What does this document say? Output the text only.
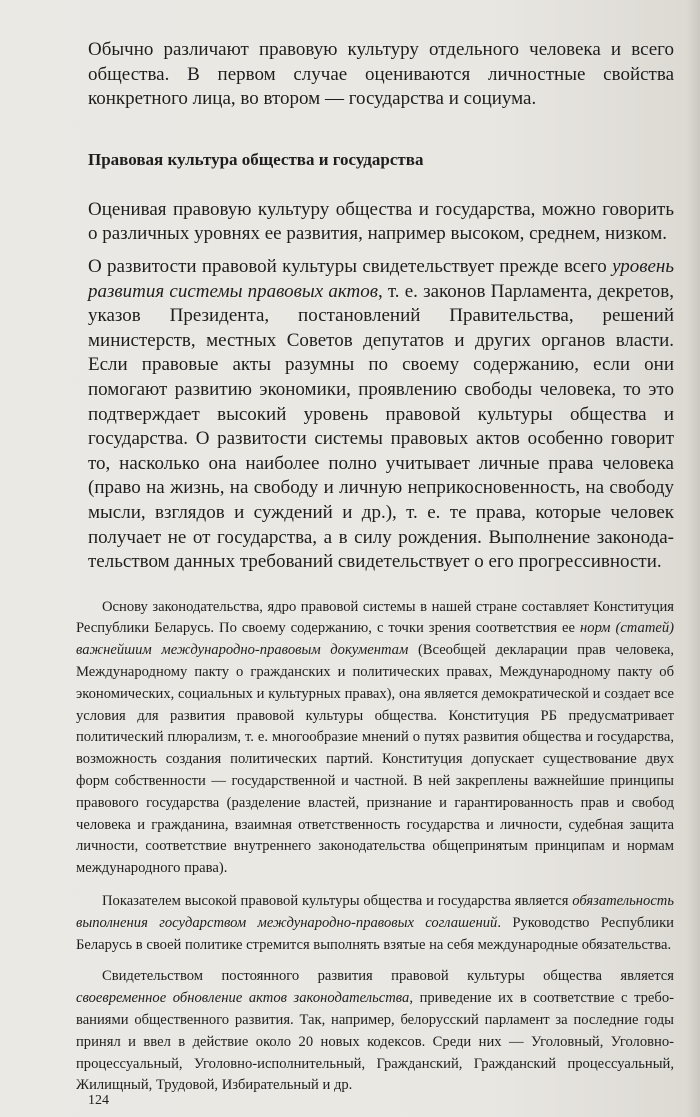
Обычно различают правовую культуру отдельного человека и всего общества. В первом случае оцениваются личностные свойства конкретного лица, во втором — государства и социума.

Правовая культура общества и государства

Оценивая правовую культуру общества и государства, можно говорить о различных уровнях ее развития, например высоком, среднем, низком.

О развитости правовой культуры свидетельствует прежде всего уровень развития системы правовых актов, т. е. законов Парламента, декретов, указов Президента, постановлений Правительства, решений министерств, местных Советов депутатов и других органов власти. Если правовые акты разумны по своему содержанию, если они помогают развитию экономики, проявлению свободы человека, то это подтверждает высокий уровень правовой культуры общества и государства. О развитости системы правовых актов особенно говорит то, насколько она наиболее полно учитывает личные права человека (право на жизнь, на свободу и личную неприкосновенность, на свободу мысли, взглядов и суждений и др.), т. е. те права, которые человек получает не от государства, а в силу рождения. Выполнение законодательством данных требований свидетельствует о его прогрессивности.

Основу законодательства, ядро правовой системы в нашей стране составляет Конституция Республики Беларусь. По своему содержанию, с точки зрения соответствия ее норм (статей) важнейшим международно-правовым документам (Всеобщей декларации прав человека, Международному пакту о гражданских и политических правах, Международному пакту об экономических, социальных и культурных правах), она является демократической и создает все условия для развития правовой культуры общества. Конституция РБ предусматривает политический плюрализм, т. е. многообразие мнений о путях развития общества и государства, возможность создания политических партий. Конституция допускает существование двух форм собственности — государственной и частной. В ней закреплены важнейшие принципы правового государства (разделение властей, признание и гарантированность прав и свобод человека и гражданина, взаимная ответственность государства и личности, судебная защита личности, соответствие внутреннего законодательства общепринятым принципам и нормам международного права).

Показателем высокой правовой культуры общества и государства является обязательность выполнения государством международно-правовых соглашений. Руководство Республики Беларусь в своей политике стремится выполнять взятые на себя международные обязательства.

Свидетельством постоянного развития правовой культуры общества является своевременное обновление актов законодательства, приведение их в соответствие с требованиями общественного развития. Так, например, белорусский парламент за последние годы принял и ввел в действие около 20 новых кодексов. Среди них — Уголовный, Уголовно-процессуальный, Уголовно-исполнительный, Гражданский, Гражданский процессуальный, Жилищный, Трудовой, Избирательный и др.

124
